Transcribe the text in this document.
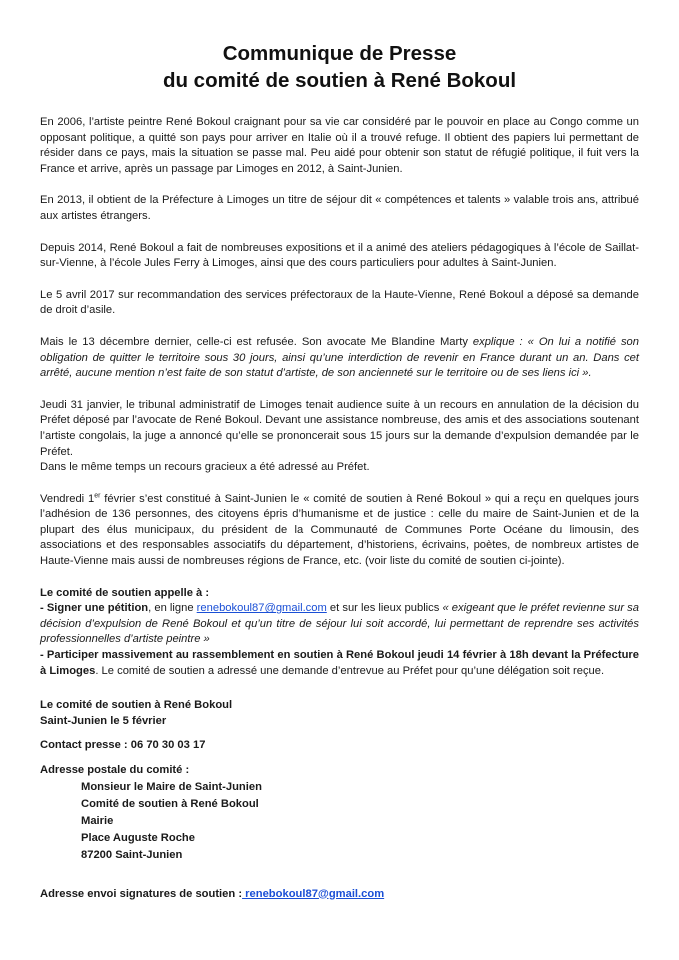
Communique de Presse
du comité de soutien à René Bokoul

En 2006, l’artiste peintre René Bokoul craignant pour sa vie car considéré par le pouvoir en place au Congo comme un opposant politique, a quitté son pays pour arriver en Italie où il a trouvé refuge. Il obtient des papiers lui permettant de résider dans ce pays, mais la situation se passe mal. Peu aidé pour obtenir son statut de réfugié politique, il fuit vers la France et arrive, après un passage par Limoges en 2012, à Saint-Junien.

En 2013, il obtient de la Préfecture à Limoges un titre de séjour dit « compétences et talents » valable trois ans, attribué aux artistes étrangers.

Depuis 2014, René Bokoul a fait de nombreuses expositions et il a animé des ateliers pédagogiques à l’école de Saillat-sur-Vienne, à l’école Jules Ferry à Limoges, ainsi que des cours particuliers pour adultes à Saint-Junien.

Le 5 avril 2017 sur recommandation des services préfectoraux de la Haute-Vienne, René Bokoul a déposé sa demande de droit d’asile.

Mais le 13 décembre dernier, celle-ci est refusée. Son avocate Me Blandine Marty explique : « On lui a notifié son obligation de quitter le territoire sous 30 jours, ainsi qu’une interdiction de revenir en France durant un an. Dans cet arrêté, aucune mention n’est faite de son statut d’artiste, de son ancienneté sur le territoire ou de ses liens ici ».

Jeudi 31 janvier, le tribunal administratif de Limoges tenait audience suite à un recours en annulation de la décision du Préfet déposé par l’avocate de René Bokoul. Devant une assistance nombreuse, des amis et des associations soutenant l’artiste congolais, la juge a annoncé qu’elle se prononcerait sous 15 jours sur la demande d’expulsion demandée par le Préfet.

Dans le même temps un recours gracieux a été adressé au Préfet.

Vendredi 1er février s’est constitué à Saint-Junien le « comité de soutien à René Bokoul » qui a reçu en quelques jours l’adhésion de 136 personnes, des citoyens épris d’humanisme et de justice : celle du maire de Saint-Junien et de la plupart des élus municipaux, du président de la Communauté de Communes Porte Océane du limousin, des associations et des responsables associatifs du département, d’historiens, écrivains, poètes, de nombreux artistes de Haute-Vienne mais aussi de nombreuses régions de France, etc. (voir liste du comité de soutien ci-jointe).

Le comité de soutien appelle à :

- Signer une pétition, en ligne renebokoul87@gmail.com et sur les lieux publics « exigeant que le préfet revienne sur sa décision d’expulsion de René Bokoul et qu’un titre de séjour lui soit accordé, lui permettant de reprendre ses activités professionnelles d’artiste peintre »

- Participer massivement au rassemblement en soutien à René Bokoul jeudi 14 février à 18h devant la Préfecture à Limoges. Le comité de soutien a adressé une demande d’entrevue au Préfet pour qu’une délégation soit reçue.

Le comité de soutien à René Bokoul

Saint-Junien le 5 février

Contact presse : 06 70 30 03 17

Adresse postale du comité :

Monsieur le Maire de Saint-Junien

Comité de soutien à René Bokoul

Mairie

Place Auguste Roche

87200 Saint-Junien

Adresse envoi signatures de soutien : renebokoul87@gmail.com
